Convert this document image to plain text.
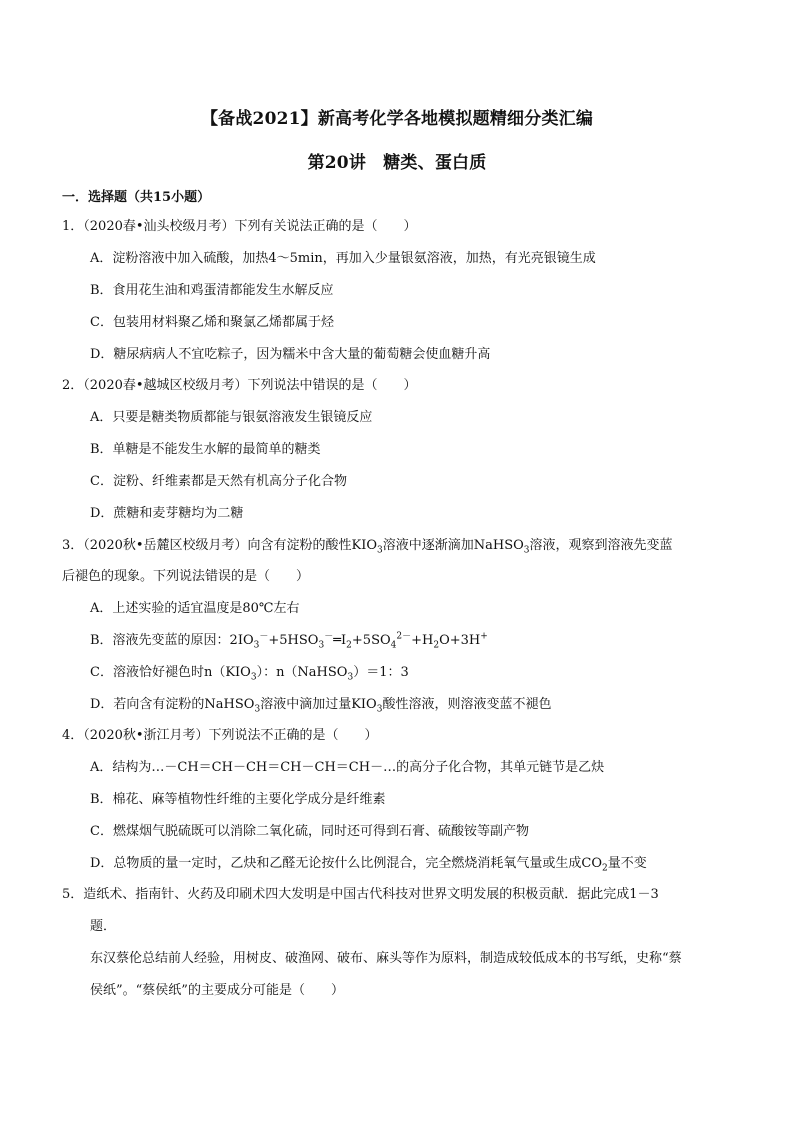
【备战2021】新高考化学各地模拟题精细分类汇编
第20讲　糖类、蛋白质
一．选择题（共15小题）
1．（2020春•汕头校级月考）下列有关说法正确的是（　　）
A．淀粉溶液中加入硫酸，加热4～5min，再加入少量银氨溶液，加热，有光亮银镜生成
B．食用花生油和鸡蛋清都能发生水解反应
C．包装用材料聚乙烯和聚氯乙烯都属于烃
D．糖尿病病人不宜吃粽子，因为糯米中含大量的葡萄糖会使血糖升高
2．（2020春•越城区校级月考）下列说法中错误的是（　　）
A．只要是糖类物质都能与银氨溶液发生银镜反应
B．单糖是不能发生水解的最简单的糖类
C．淀粉、纤维素都是天然有机高分子化合物
D．蔗糖和麦芽糖均为二糖
3．（2020秋•岳麓区校级月考）向含有淀粉的酸性$KIO_3$溶液中逐渐滴加NaHSO$_3$溶液，观察到溶液先变蓝
后褪色的现象。下列说法错误的是（　　）
A．上述实验的适宜温度是80℃左右
B．溶液先变蓝的原因：$2IO_3^-+5HSO_3^-═I_2+5SO_4^{2-}+H_2O+3H^+$
C．溶液恰好褪色时$n(KIO_3)$：n（NaHSO$_3$）＝1：3
D．若向含有淀粉的NaHSO$_3$溶液中滴加过量$KIO_3$酸性溶液，则溶液变蓝不褪色
4．（2020秋•浙江月考）下列说法不正确的是（　　）
A．结构为…－CH＝CH－CH＝CH－CH＝CH－…的高分子化合物，其单元链节是乙炔
B．棉花、麻等植物性纤维的主要化学成分是纤维素
C．燃煤烟气脱硫既可以消除二氧化硫，同时还可得到石膏、硫酸铵等副产物
D．总物质的量一定时，乙炔和乙醛无论按什么比例混合，完全燃烧消耗氧气量或生成$CO_2$量不变
5．造纸术、指南针、火药及印刷术四大发明是中国古代科技对世界文明发展的积极贡献．据此完成1－3
题．
东汉蔡伦总结前人经验，用树皮、破渔网、破布、麻头等作为原料，制造成较低成本的书写纸，史称“蔡
侯纸”。“蔡侯纸”的主要成分可能是（　　）
